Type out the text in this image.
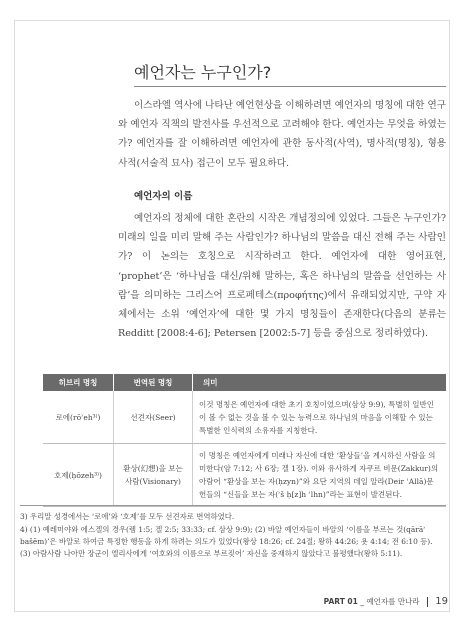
예언자는 누구인가?
이스라엘 역사에 나타난 예언현상을 이해하려면 예언자의 명칭에 대한 연구와 예언자 직책의 발전사를 우선적으로 고려해야 한다. 예언자는 무엇을 하였는가? 예언자를 잘 이해하려면 예언자에 관한 동사적(사역), 명사적(명칭), 형용사적(서술적 묘사) 접근이 모두 필요하다.
예언자의 이름
예언자의 정체에 대한 혼란의 시작은 개념정의에 있었다. 그들은 누구인가? 미래의 일을 미리 말해 주는 사람인가? 하나님의 말씀을 대신 전해 주는 사람인가? 이 논의는 호칭으로 시작하려고 한다. 예언자에 대한 영어표현, ‘prophet’은 ‘하나님을 대신/위해 말하는, 혹은 하나님의 말씀을 선언하는 사람’을 의미하는 그리스어 프로페테스(προφήτης)에서 유래되었지만, 구약 자체에서는 소위 ‘예언자’에 대한 몇 가지 명칭들이 존재한다(다음의 분류는 Redditt [2008:4-6]; Petersen [2002:5-7] 등을 중심으로 정리하였다).
히브리 명칭	번역된 명칭	의미
로에(rōʾeh³⁾)	선견자(Seer)	이것 명칭은 예언자에 대한 초기 호칭이었으며(삼상 9:9), 특별히 일반인이 볼 수 없는 것을 볼 수 있는 능력으로 하나님의 마음을 이해할 수 있는 특별한 인식력의 소유자를 지칭한다.
호제(ḥōzeh³⁾)	환상(幻想)을 보는 사람(Visionary)	이 명칭은 예언자에게 미래나 자신에 대한 ‘환상들’을 계시하신 사람을 의미한다(암 7:12; 사 6장; 겔 1장). 이와 유사하게 자쿠르 비문(Zakkur)의 아람어 “환상을 보는 자(ḥzyn)”와 요단 지역의 데일 알라(Deir ʿAllā)문헌들의 “신들을 보는 자(ʾš ḥ[z]h ʾlhn)”라는 표현이 발견된다.
3) 우리말 성경에서는 ‘로에’와 ‘호제’를 모두 선견자로 번역하였다.
4) (1) 예레미야와 에스겔의 경우(렘 1:5; 겔 2:5; 33:33; cf. 삼상 9:9); (2) 바알 예언자들이 바알의 ‘이름을 부르는 것(qārāʾ bašēm)’은 바알로 하여금 특정한 행동을 하게 하려는 의도가 있었다(왕상 18:26; cf. 24절; 왕하 44:26; 욧 4:14; 전 6:10 등). (3) 아람사람 나아만 장군이 엘리사에게 ‘여호와의 이름으로 부르짖어’ 자신을 중재하지 않았다고 불평했다(왕하 5:11).
PART 01 _ 예언자를 만나라 19
